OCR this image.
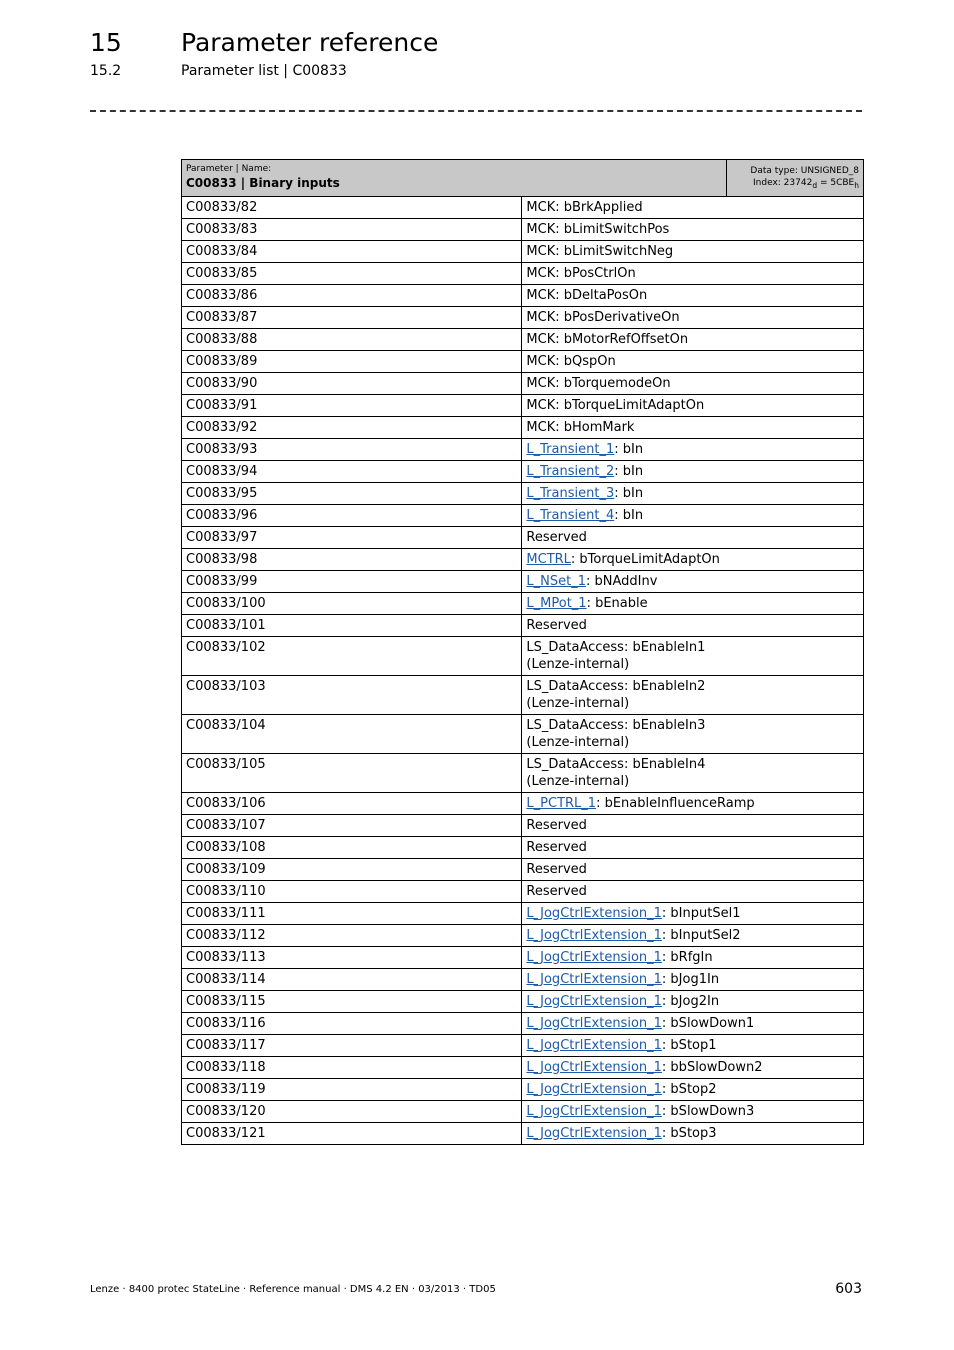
15 Parameter reference
15.2	Parameter list | C00833
Parameter | Name:
C00833 | Binary inputs
Data type: UNSIGNED_8
Index: $23742_d = 5CBE_h$

C00833/82	MCK: bBrkApplied
C00833/83	MCK: bLimitSwitchPos
C00833/84	MCK: bLimitSwitchNeg
C00833/85	MCK: bPosCtrlOn
C00833/86	MCK: bDeltaPosOn
C00833/87	MCK: bPosDerivativeOn
C00833/88	MCK: bMotorRefOffsetOn
C00833/89	MCK: bQspOn
C00833/90	MCK: bTorquemodeOn
C00833/91	MCK: bTorqueLimitAdaptOn
C00833/92	MCK: bHomMark
C00833/93	L_Transient_1: bIn
C00833/94	L_Transient_2: bIn
C00833/95	L_Transient_3: bIn
C00833/96	L_Transient_4: bIn
C00833/97	Reserved
C00833/98	MCTRL: bTorqueLimitAdaptOn
C00833/99	L_NSet_1: bNAddInv
C00833/100	L_MPot_1: bEnable
C00833/101	Reserved
C00833/102	LS_DataAccess: bEnableIn1
(Lenze-internal)
C00833/103	LS_DataAccess: bEnableIn2
(Lenze-internal)
C00833/104	LS_DataAccess: bEnableIn3
(Lenze-internal)
C00833/105	LS_DataAccess: bEnableIn4
(Lenze-internal)
C00833/106	L_PCTRL_1: bEnableInfluenceRamp
C00833/107	Reserved
C00833/108	Reserved
C00833/109	Reserved
C00833/110	Reserved
C00833/111	L_JogCtrlExtension_1: bInputSel1
C00833/112	L_JogCtrlExtension_1: bInputSel2
C00833/113	L_JogCtrlExtension_1: bRfgIn
C00833/114	L_JogCtrlExtension_1: bJog1In
C00833/115	L_JogCtrlExtension_1: bJog2In
C00833/116	L_JogCtrlExtension_1: bSlowDown1
C00833/117	L_JogCtrlExtension_1: bStop1
C00833/118	L_JogCtrlExtension_1: bbSlowDown2
C00833/119	L_JogCtrlExtension_1: bStop2
C00833/120	L_JogCtrlExtension_1: bSlowDown3
C00833/121	L_JogCtrlExtension_1: bStop3
Lenze · 8400 protec StateLine · Reference manual · DMS 4.2 EN · 03/2013 · TD05	603
